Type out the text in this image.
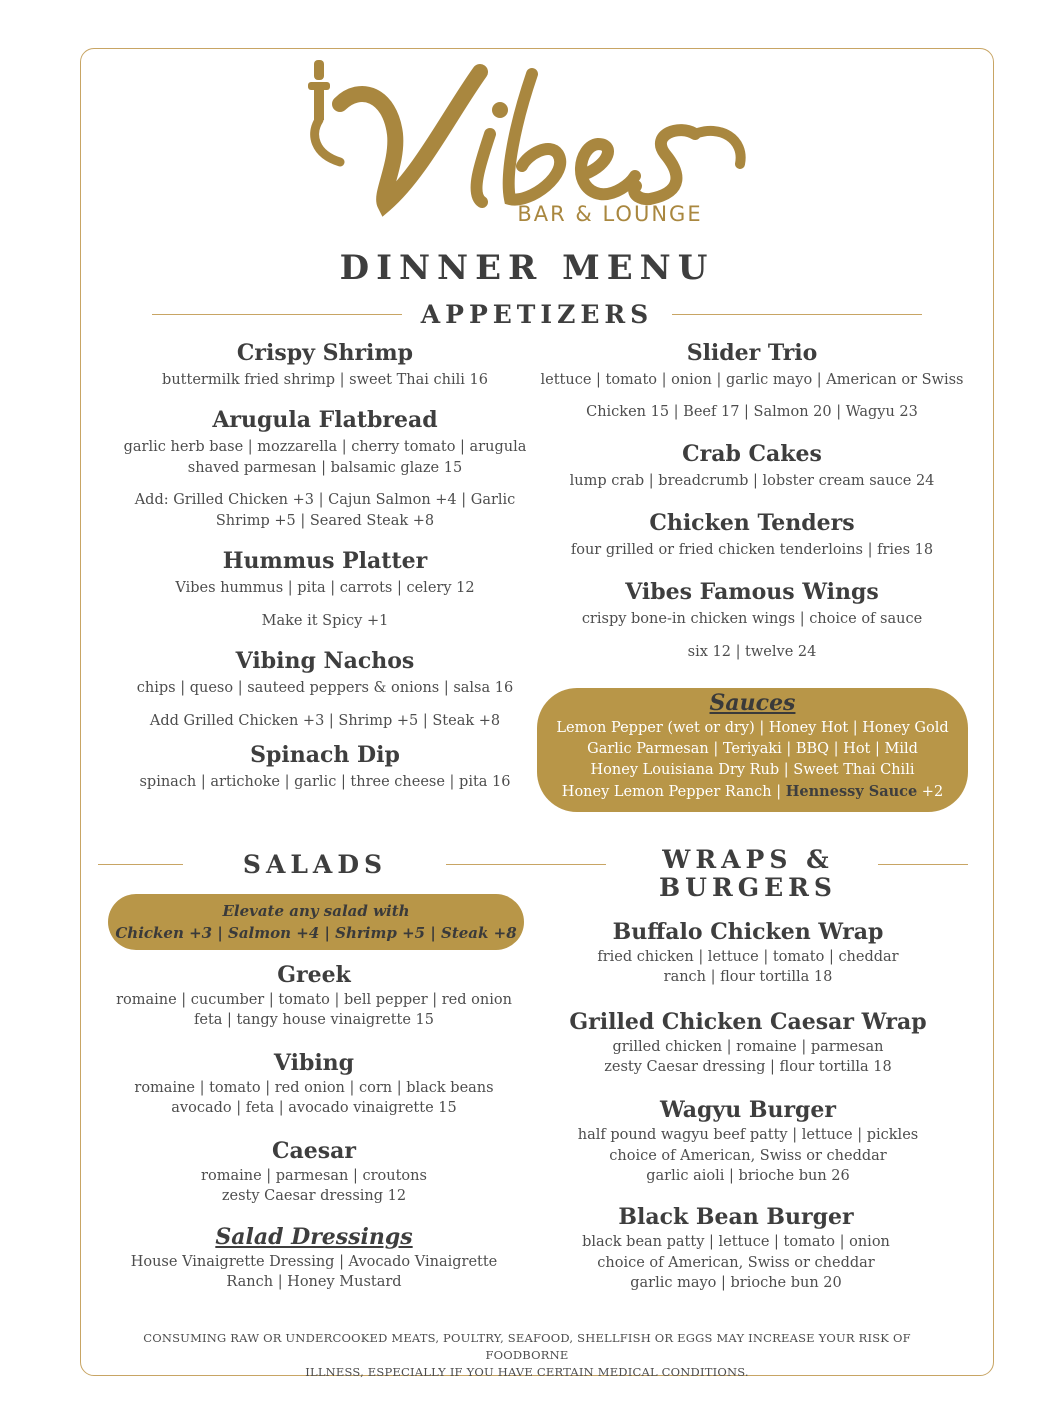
BAR & LOUNGE
DINNER MENU
APPETIZERS
Crispy Shrimp
buttermilk fried shrimp | sweet Thai chili 16
Arugula Flatbread
garlic herb base | mozzarella | cherry tomato | arugula
shaved parmesan | balsamic glaze 15
Add: Grilled Chicken +3 | Cajun Salmon +4 | Garlic
Shrimp +5 | Seared Steak +8
Hummus Platter
Vibes hummus | pita | carrots | celery 12
Make it Spicy +1
Vibing Nachos
chips | queso | sauteed peppers & onions | salsa 16
Add Grilled Chicken +3 | Shrimp +5 | Steak +8
Spinach Dip
spinach | artichoke | garlic | three cheese | pita 16
Slider Trio
lettuce | tomato | onion | garlic mayo | American or Swiss
Chicken 15 | Beef 17 | Salmon 20 | Wagyu 23
Crab Cakes
lump crab | breadcrumb | lobster cream sauce 24
Chicken Tenders
four grilled or fried chicken tenderloins | fries 18
Vibes Famous Wings
crispy bone-in chicken wings | choice of sauce
six 12 | twelve 24
Sauces
Lemon Pepper (wet or dry) | Honey Hot | Honey Gold
Garlic Parmesan | Teriyaki | BBQ | Hot | Mild
Honey Louisiana Dry Rub | Sweet Thai Chili
Honey Lemon Pepper Ranch | Hennessy Sauce +2
SALADS
Elevate any salad with
Chicken +3 | Salmon +4 | Shrimp +5 | Steak +8
Greek
romaine | cucumber | tomato | bell pepper | red onion
feta | tangy house vinaigrette 15
Vibing
romaine | tomato | red onion | corn | black beans
avocado | feta | avocado vinaigrette 15
Caesar
romaine | parmesan | croutons
zesty Caesar dressing 12
Salad Dressings
House Vinaigrette Dressing | Avocado Vinaigrette
Ranch | Honey Mustard
WRAPS &
BURGERS
Buffalo Chicken Wrap
fried chicken | lettuce | tomato | cheddar
ranch | flour tortilla 18
Grilled Chicken Caesar Wrap
grilled chicken | romaine | parmesan
zesty Caesar dressing | flour tortilla 18
Wagyu Burger
half pound wagyu beef patty | lettuce | pickles
choice of American, Swiss or cheddar
garlic aioli | brioche bun 26
Black Bean Burger
black bean patty | lettuce | tomato | onion
choice of American, Swiss or cheddar
garlic mayo | brioche bun 20
CONSUMING RAW OR UNDERCOOKED MEATS, POULTRY, SEAFOOD, SHELLFISH OR EGGS MAY INCREASE YOUR RISK OF FOODBORNE
ILLNESS, ESPECIALLY IF YOU HAVE CERTAIN MEDICAL CONDITIONS.
